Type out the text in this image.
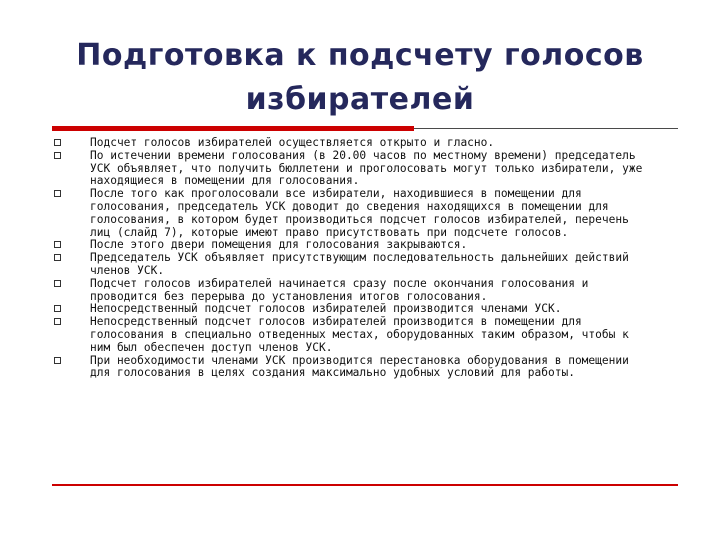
Подготовка к подсчету голосов избирателей
Подсчет голосов избирателей осуществляется открыто и гласно.
По истечении времени голосования (в 20.00 часов по местному времени) председатель УСК объявляет, что получить бюллетени и проголосовать могут только избиратели, уже находящиеся в помещении для голосования.
После того как проголосовали все избиратели, находившиеся в помещении для голосования, председатель УСК доводит до сведения находящихся в помещении для голосования, в котором будет производиться подсчет голосов избирателей, перечень лиц (слайд 7), которые имеют право присутствовать при подсчете голосов.
После этого двери помещения для голосования закрываются.
Председатель УСК объявляет присутствующим последовательность дальнейших действий членов УСК.
Подсчет голосов избирателей начинается сразу после окончания голосования и проводится без перерыва до установления итогов голосования.
Непосредственный подсчет голосов избирателей производится членами УСК.
Непосредственный подсчет голосов избирателей производится в помещении для голосования в специально отведенных местах, оборудованных таким образом, чтобы к ним был обеспечен доступ членов УСК.
При необходимости членами УСК производится перестановка оборудования в помещении для голосования в целях создания максимально удобных условий для работы.
